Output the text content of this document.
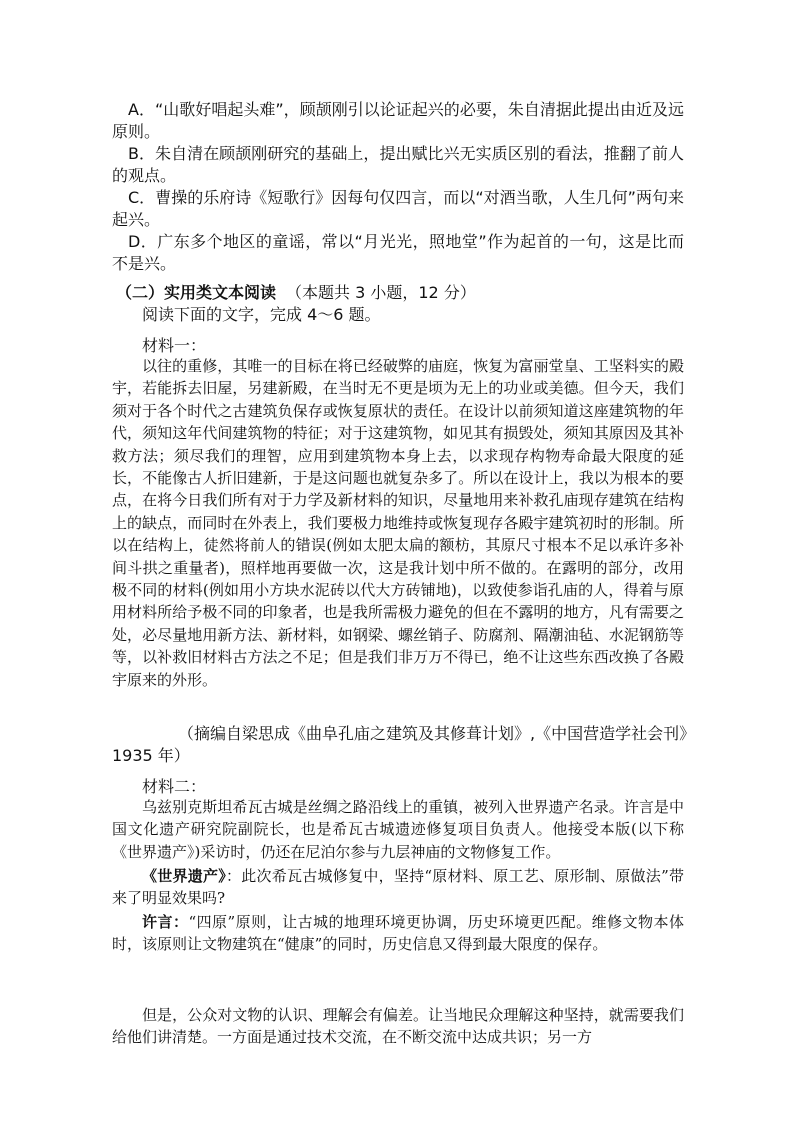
A．“山歌好唱起头难”，顾颉刚引以论证起兴的必要，朱自清据此提出由近及远原则。

B．朱自清在顾颉刚研究的基础上，提出赋比兴无实质区别的看法，推翻了前人的观点。

C．曹操的乐府诗《短歌行》因每句仅四言，而以“对酒当歌，人生几何”两句来起兴。

D．广东多个地区的童谣，常以“月光光，照地堂”作为起首的一句，这是比而不是兴。

（二）实用类文本阅读 （本题共 3 小题，12 分）
阅读下面的文字，完成 4～6 题。
材料一：

以往的重修，其唯一的目标在将已经破弊的庙庭，恢复为富丽堂皇、工坚料实的殿宇，若能拆去旧屋，另建新殿，在当时无不更是顷为无上的功业或美德。但今天，我们须对于各个时代之古建筑负保存或恢复原状的责任。在设计以前须知道这座建筑物的年代，须知这年代间建筑物的特征；对于这建筑物，如见其有损毁处，须知其原因及其补救方法；须尽我们的理智，应用到建筑物本身上去，以求现存构物寿命最大限度的延长，不能像古人折旧建新，于是这问题也就复杂多了。所以在设计上，我以为根本的要点，在将今日我们所有对于力学及新材料的知识，尽量地用来补救孔庙现存建筑在结构上的缺点，而同时在外表上，我们要极力地维持或恢复现存各殿宇建筑初时的形制。所以在结构上，徒然将前人的错误(例如太肥太扁的额枋，其原尺寸根本不足以承许多补间斗拱之重量者)，照样地再要做一次，这是我计划中所不做的。在露明的部分，改用极不同的材料(例如用小方块水泥砖以代大方砖铺地)，以致使参诣孔庙的人，得着与原用材料所给予极不同的印象者，也是我所需极力避免的但在不露明的地方，凡有需要之处，必尽量地用新方法、新材料，如钢梁、螺丝销子、防腐剂、隔潮油毡、水泥钢筋等等，以补救旧材料古方法之不足；但是我们非万万不得已，绝不让这些东西改换了各殿宇原来的外形。

（摘编自梁思成《曲阜孔庙之建筑及其修葺计划》,《中国营造学社会刊》
1935 年）
材料二：

乌兹别克斯坦希瓦古城是丝绸之路沿线上的重镇，被列入世界遗产名录。许言是中国文化遗产研究院副院长，也是希瓦古城遗迹修复项目负责人。他接受本版(以下称《世界遗产》)采访时，仍还在尼泊尔参与九层神庙的文物修复工作。

《世界遗产》：此次希瓦古城修复中，坚持“原材料、原工艺、原形制、原做法”带来了明显效果吗?

许言：“四原”原则，让古城的地理环境更协调，历史环境更匹配。维修文物本体时，该原则让文物建筑在“健康”的同时，历史信息又得到最大限度的保存。

但是，公众对文物的认识、理解会有偏差。让当地民众理解这种坚持，就需要我们给他们讲清楚。一方面是通过技术交流，在不断交流中达成共识；另一方
